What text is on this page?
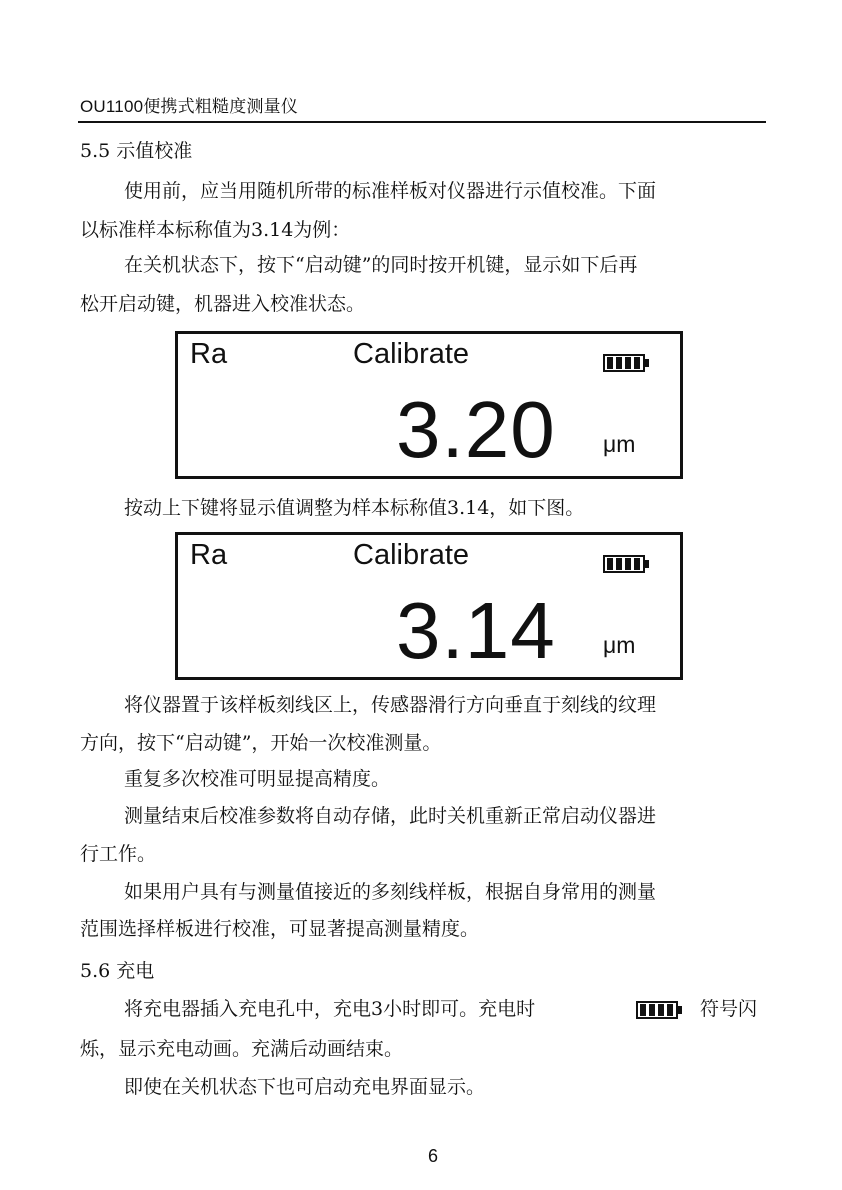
OU1100便携式粗糙度测量仪
5.5 示值校准
使用前，应当用随机所带的标准样板对仪器进行示值校准。下面
以标准样本标称值为3.14为例：
在关机状态下，按下“启动键”的同时按开机键，显示如下后再
松开启动键，机器进入校准状态。
Ra	Calibrate
3.20 μm
按动上下键将显示值调整为样本标称值3.14，如下图。
Ra	Calibrate
3.14 μm
将仪器置于该样板刻线区上，传感器滑行方向垂直于刻线的纹理
方向，按下“启动键”，开始一次校准测量。
重复多次校准可明显提高精度。
测量结束后校准参数将自动存储，此时关机重新正常启动仪器进
行工作。
如果用户具有与测量值接近的多刻线样板，根据自身常用的测量
范围选择样板进行校准，可显著提高测量精度。
5.6 充电
将充电器插入充电孔中，充电3小时即可。充电时	符号闪
烁，显示充电动画。充满后动画结束。
即使在关机状态下也可启动充电界面显示。
6
